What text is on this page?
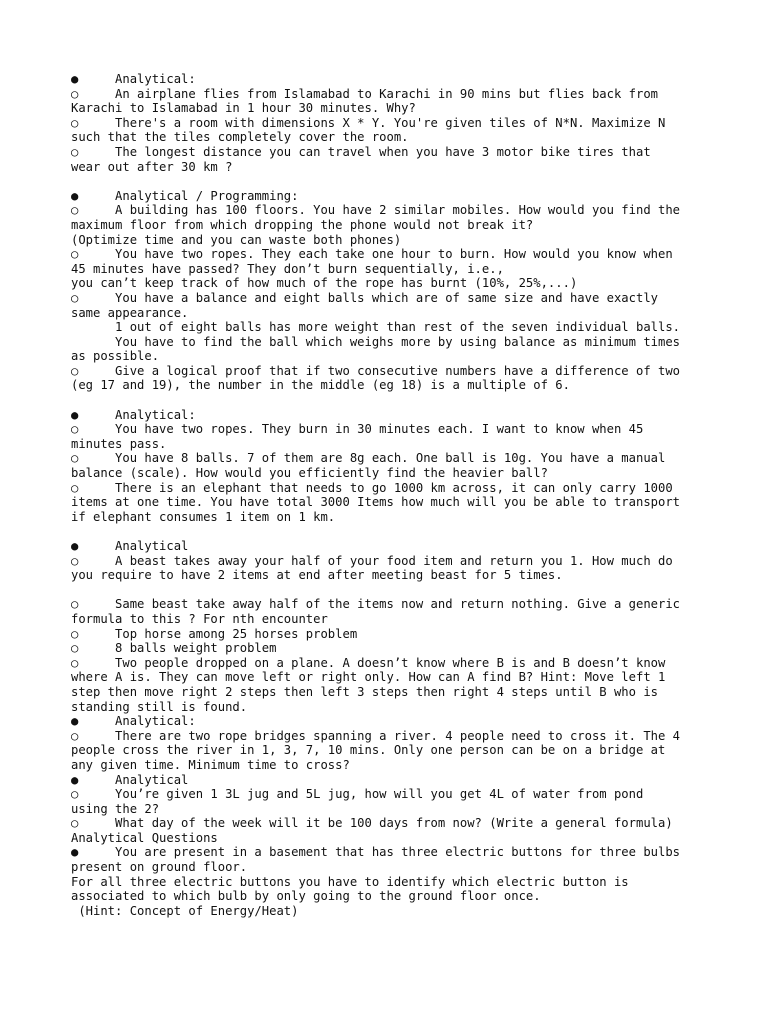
●     Analytical:
○     An airplane flies from Islamabad to Karachi in 90 mins but flies back from
Karachi to Islamabad in 1 hour 30 minutes. Why?
○     There's a room with dimensions X * Y. You're given tiles of N*N. Maximize N
such that the tiles completely cover the room.
○     The longest distance you can travel when you have 3 motor bike tires that
wear out after 30 km ?
●     Analytical / Programming:
○     A building has 100 floors. You have 2 similar mobiles. How would you find the
maximum floor from which dropping the phone would not break it?
(Optimize time and you can waste both phones)
○     You have two ropes. They each take one hour to burn. How would you know when
45 minutes have passed? They don’t burn sequentially, i.e.,
you can’t keep track of how much of the rope has burnt (10%, 25%,...)
○     You have a balance and eight balls which are of same size and have exactly
same appearance.
1 out of eight balls has more weight than rest of the seven individual balls.
You have to find the ball which weighs more by using balance as minimum times
as possible.
○     Give a logical proof that if two consecutive numbers have a difference of two
(eg 17 and 19), the number in the middle (eg 18) is a multiple of 6.
●     Analytical:
○     You have two ropes. They burn in 30 minutes each. I want to know when 45
minutes pass.
○     You have 8 balls. 7 of them are 8g each. One ball is 10g. You have a manual
balance (scale). How would you efficiently find the heavier ball?
○     There is an elephant that needs to go 1000 km across, it can only carry 1000
items at one time. You have total 3000 Items how much will you be able to transport
if elephant consumes 1 item on 1 km.
●     Analytical
○     A beast takes away your half of your food item and return you 1. How much do
you require to have 2 items at end after meeting beast for 5 times.
○     Same beast take away half of the items now and return nothing. Give a generic
formula to this ? For nth encounter
○     Top horse among 25 horses problem
○     8 balls weight problem
○     Two people dropped on a plane. A doesn’t know where B is and B doesn’t know
where A is. They can move left or right only. How can A find B? Hint: Move left 1
step then move right 2 steps then left 3 steps then right 4 steps until B who is
standing still is found.
●     Analytical:
○     There are two rope bridges spanning a river. 4 people need to cross it. The 4
people cross the river in 1, 3, 7, 10 mins. Only one person can be on a bridge at
any given time. Minimum time to cross?
●     Analytical
○     You’re given 1 3L jug and 5L jug, how will you get 4L of water from pond
using the 2?
○     What day of the week will it be 100 days from now? (Write a general formula)
Analytical Questions
●     You are present in a basement that has three electric buttons for three bulbs
present on ground floor.
For all three electric buttons you have to identify which electric button is
associated to which bulb by only going to the ground floor once.
(Hint: Concept of Energy/Heat)
